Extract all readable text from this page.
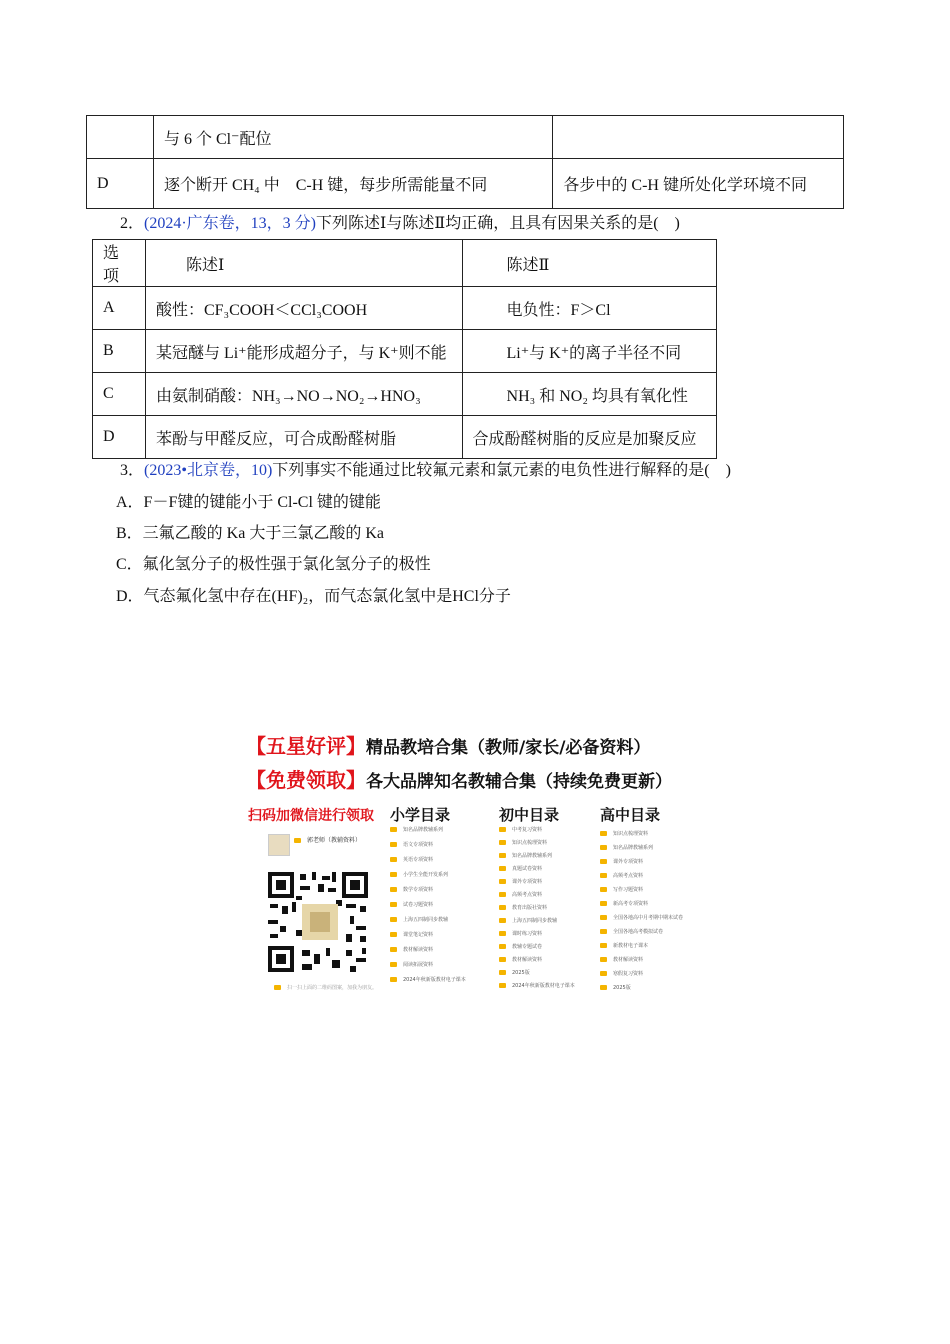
	与 6 个 Cl⁻配位	
D	逐个断开 CH₄ 中　C-H 键，每步所需能量不同	各步中的 C-H 键所处化学环境不同
2．(2024·广东卷，13，3 分)下列陈述Ⅰ与陈述Ⅱ均正确，且具有因果关系的是(　)
选项	陈述Ⅰ	陈述Ⅱ
A	酸性：CF₃COOH＜CCl₃COOH	电负性：F＞Cl
B	某冠醚与 Li⁺能形成超分子，与 K⁺则不能	Li⁺与 K⁺的离子半径不同
C	由氨制硝酸：NH₃→NO→NO₂→HNO₃	NH₃ 和 NO₂ 均具有氧化性
D	苯酚与甲醛反应，可合成酚醛树脂	合成酚醛树脂的反应是加聚反应
3．(2023•北京卷，10)下列事实不能通过比较氟元素和氯元素的电负性进行解释的是(　)
A．F－F键的键能小于 Cl-Cl 键的键能
B．三氟乙酸的 Ka 大于三氯乙酸的 Ka
C．氟化氢分子的极性强于氯化氢分子的极性
D．气态氟化氢中存在(HF)₂，而气态氯化氢中是HCl分子
【五星好评】精品教培合集（教师/家长/必备资料）
【免费领取】各大品牌知名教辅合集（持续免费更新）
扫码加微信进行领取 小学目录	初中目录	高中目录
郭老师（教辅资料）
扫一扫上面的二维码图案，加我为朋友。
知名品牌教辅系列
语文专项资料
英语专项资料
小学生全能开发系列
数学专项资料
试卷习题资料
上海五四制同步教辅
课堂笔记资料
教材解读资料
阅读拓展资料
2024年秋新版教材电子课本
中考复习资料
知识点梳理资料
知名品牌教辅系列
真题试卷资料
课外专项资料
高频考点资料
教育出版社资料
上海五四制同步教辅
课时练习资料
教辅专题试卷
教材解读资料
2025版
2024年秋新版教材电子课本
知识点梳理资料
知名品牌教辅系列
课外专项资料
高频考点资料
写作习题资料
新高考专项资料
全国各地高中月考期中期末试卷
全国各地高考模拟试卷
新教材电子课本
教材解读资料
寒假复习资料
2025版
